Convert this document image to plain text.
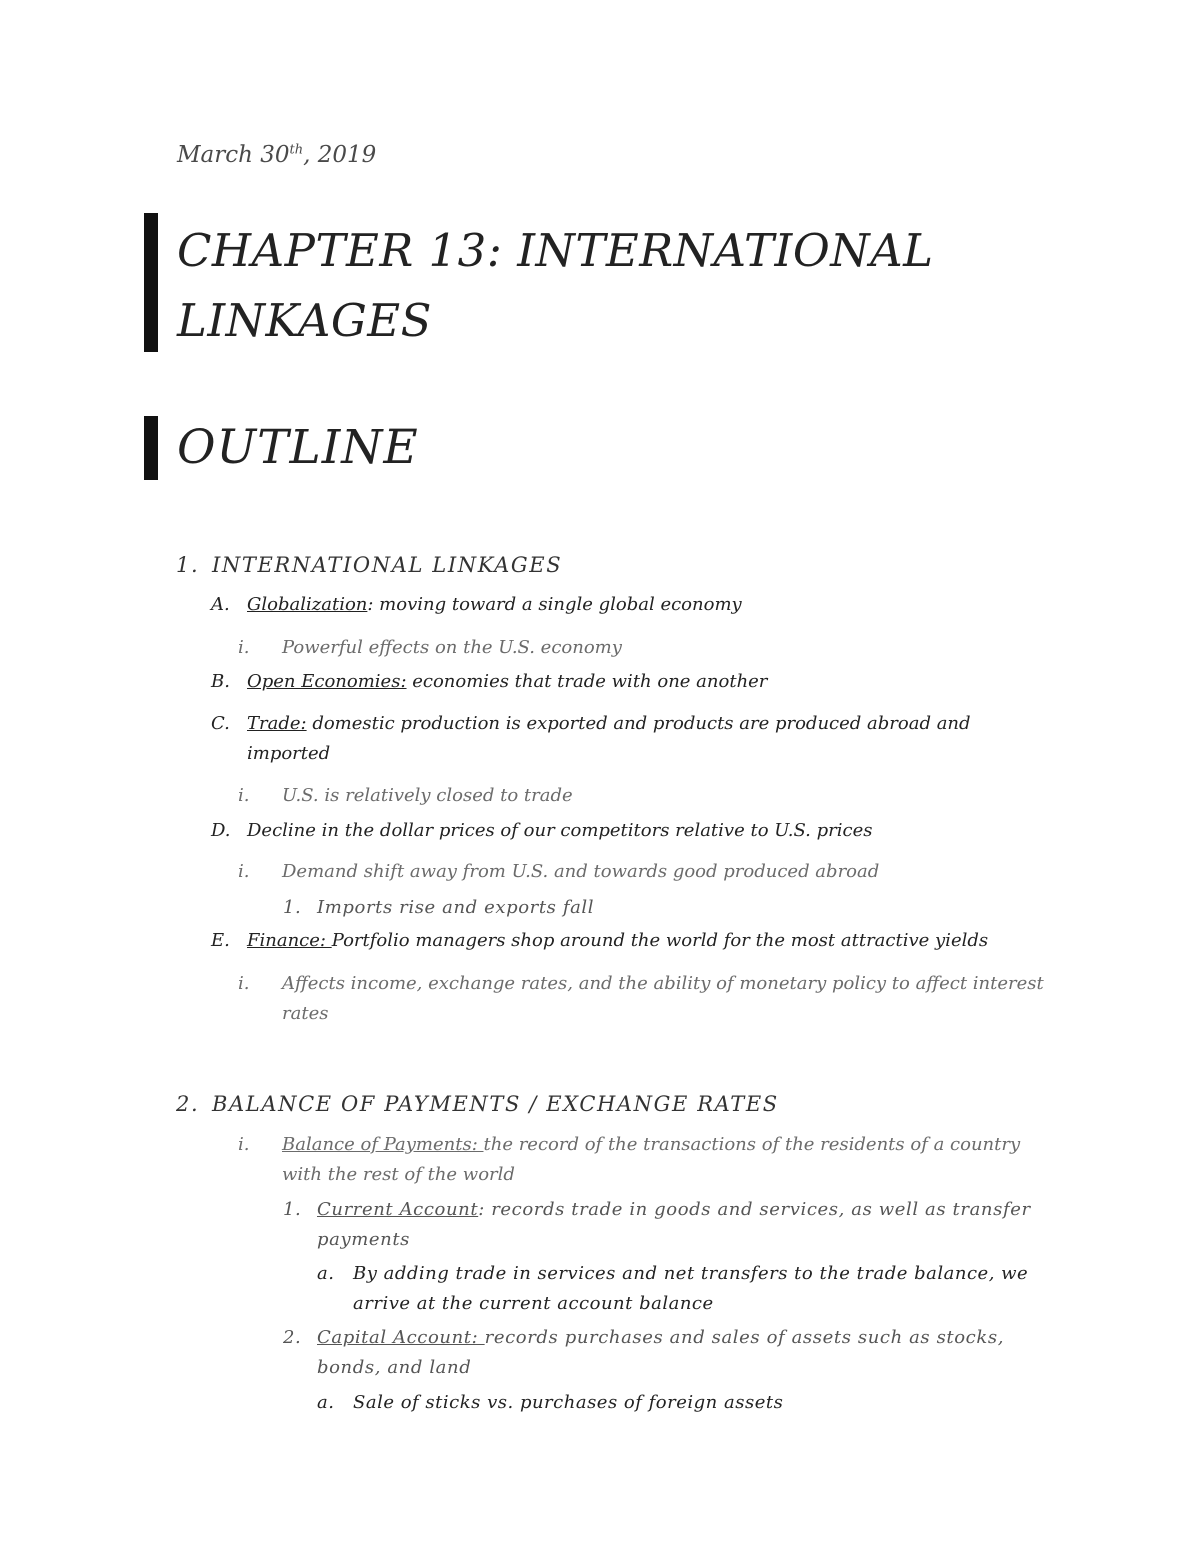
March 30th, 2019
CHAPTER 13: INTERNATIONAL LINKAGES
OUTLINE
1. INTERNATIONAL LINKAGES
A. Globalization: moving toward a single global economy
i. Powerful effects on the U.S. economy
B. Open Economies: economies that trade with one another
C. Trade: domestic production is exported and products are produced abroad and
imported
i. U.S. is relatively closed to trade
D. Decline in the dollar prices of our competitors relative to U.S. prices
i. Demand shift away from U.S. and towards good produced abroad
1. Imports rise and exports fall
E. Finance: Portfolio managers shop around the world for the most attractive yields
i. Affects income, exchange rates, and the ability of monetary policy to affect interest
rates
2. BALANCE OF PAYMENTS / EXCHANGE RATES
i. Balance of Payments: the record of the transactions of the residents of a country
with the rest of the world
1. Current Account: records trade in goods and services, as well as transfer
payments
a. By adding trade in services and net transfers to the trade balance, we
arrive at the current account balance
2. Capital Account: records purchases and sales of assets such as stocks,
bonds, and land
a. Sale of sticks vs. purchases of foreign assets
